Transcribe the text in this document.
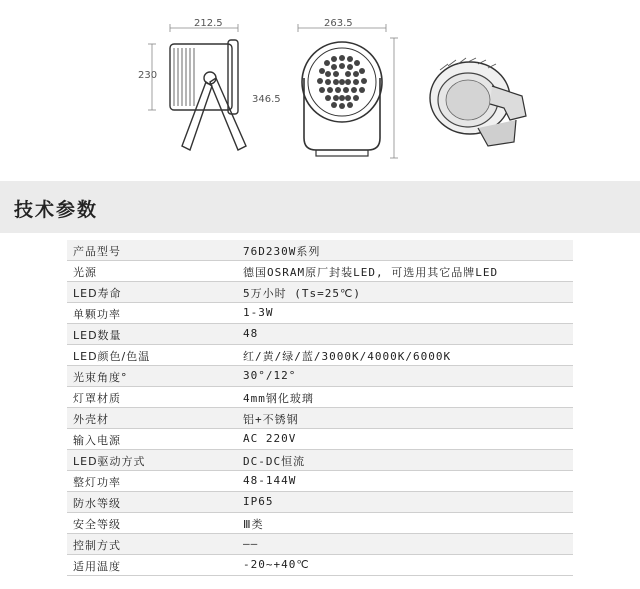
212.5
230
263.5
346.5
技术参数
产品型号	76D230W系列
光源	德国OSRAM原厂封装LED, 可选用其它品牌LED
LED寿命	5万小时 (Ts=25℃)
单颗功率	1-3W
LED数量	48
LED颜色/色温	红/黄/绿/蓝/3000K/4000K/6000K
光束角度°	30°/12°
灯罩材质	4mm钢化玻璃
外壳材	铝+不锈钢
输入电源	AC 220V
LED驱动方式	DC-DC恒流
整灯功率	48-144W
防水等级	IP65
安全等级	Ⅲ类
控制方式	——
适用温度	-20~+40℃
